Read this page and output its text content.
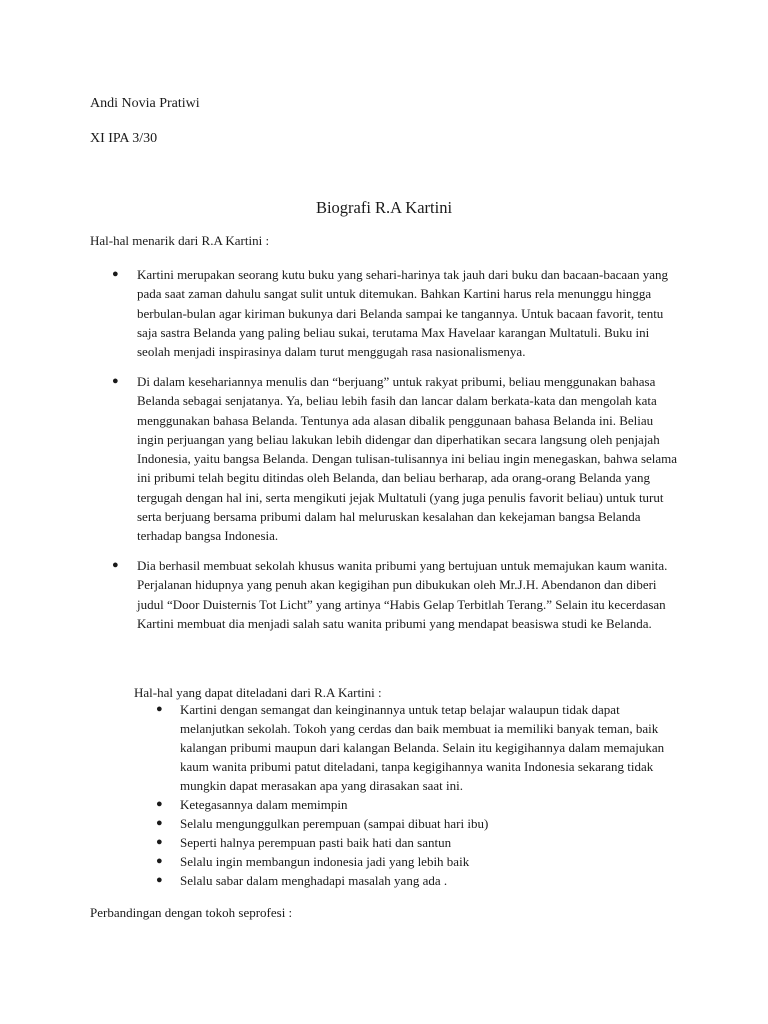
Andi Novia Pratiwi
XI IPA 3/30
Biografi R.A Kartini
Hal-hal menarik dari R.A Kartini :
● Kartini merupakan seorang kutu buku yang sehari-harinya tak jauh dari buku dan bacaan-bacaan yang pada saat zaman dahulu sangat sulit untuk ditemukan. Bahkan Kartini harus rela menunggu hingga berbulan-bulan agar kiriman bukunya dari Belanda sampai ke tangannya. Untuk bacaan favorit, tentu saja sastra Belanda yang paling beliau sukai, terutama Max Havelaar karangan Multatuli. Buku ini seolah menjadi inspirasinya dalam turut menggugah rasa nasionalismenya.
● Di dalam kesehariannya menulis dan “berjuang” untuk rakyat pribumi, beliau menggunakan bahasa Belanda sebagai senjatanya. Ya, beliau lebih fasih dan lancar dalam berkata-kata dan mengolah kata menggunakan bahasa Belanda. Tentunya ada alasan dibalik penggunaan bahasa Belanda ini. Beliau ingin perjuangan yang beliau lakukan lebih didengar dan diperhatikan secara langsung oleh penjajah Indonesia, yaitu bangsa Belanda. Dengan tulisan-tulisannya ini beliau ingin menegaskan, bahwa selama ini pribumi telah begitu ditindas oleh Belanda, dan beliau berharap, ada orang-orang Belanda yang tergugah dengan hal ini, serta mengikuti jejak Multatuli (yang juga penulis favorit beliau) untuk turut serta berjuang bersama pribumi dalam hal meluruskan kesalahan dan kekejaman bangsa Belanda terhadap bangsa Indonesia.
● Dia berhasil membuat sekolah khusus wanita pribumi yang bertujuan untuk memajukan kaum wanita. Perjalanan hidupnya yang penuh akan kegigihan pun dibukukan oleh Mr.J.H. Abendanon dan diberi judul “Door Duisternis Tot Licht” yang artinya “Habis Gelap Terbitlah Terang.” Selain itu kecerdasan Kartini membuat dia menjadi salah satu wanita pribumi yang mendapat beasiswa studi ke Belanda.
Hal-hal yang dapat diteladani dari R.A Kartini :
● Kartini dengan semangat dan keinginannya untuk tetap belajar walaupun tidak dapat melanjutkan sekolah. Tokoh yang cerdas dan baik membuat ia memiliki banyak teman, baik kalangan pribumi maupun dari kalangan Belanda. Selain itu kegigihannya dalam memajukan kaum wanita pribumi patut diteladani, tanpa kegigihannya wanita Indonesia sekarang tidak mungkin dapat merasakan apa yang dirasakan saat ini.
● Ketegasannya dalam memimpin
● Selalu mengunggulkan perempuan (sampai dibuat hari ibu)
● Seperti halnya perempuan pasti baik hati dan santun
● Selalu ingin membangun indonesia jadi yang lebih baik
● Selalu sabar dalam menghadapi masalah yang ada .
Perbandingan dengan tokoh seprofesi :
